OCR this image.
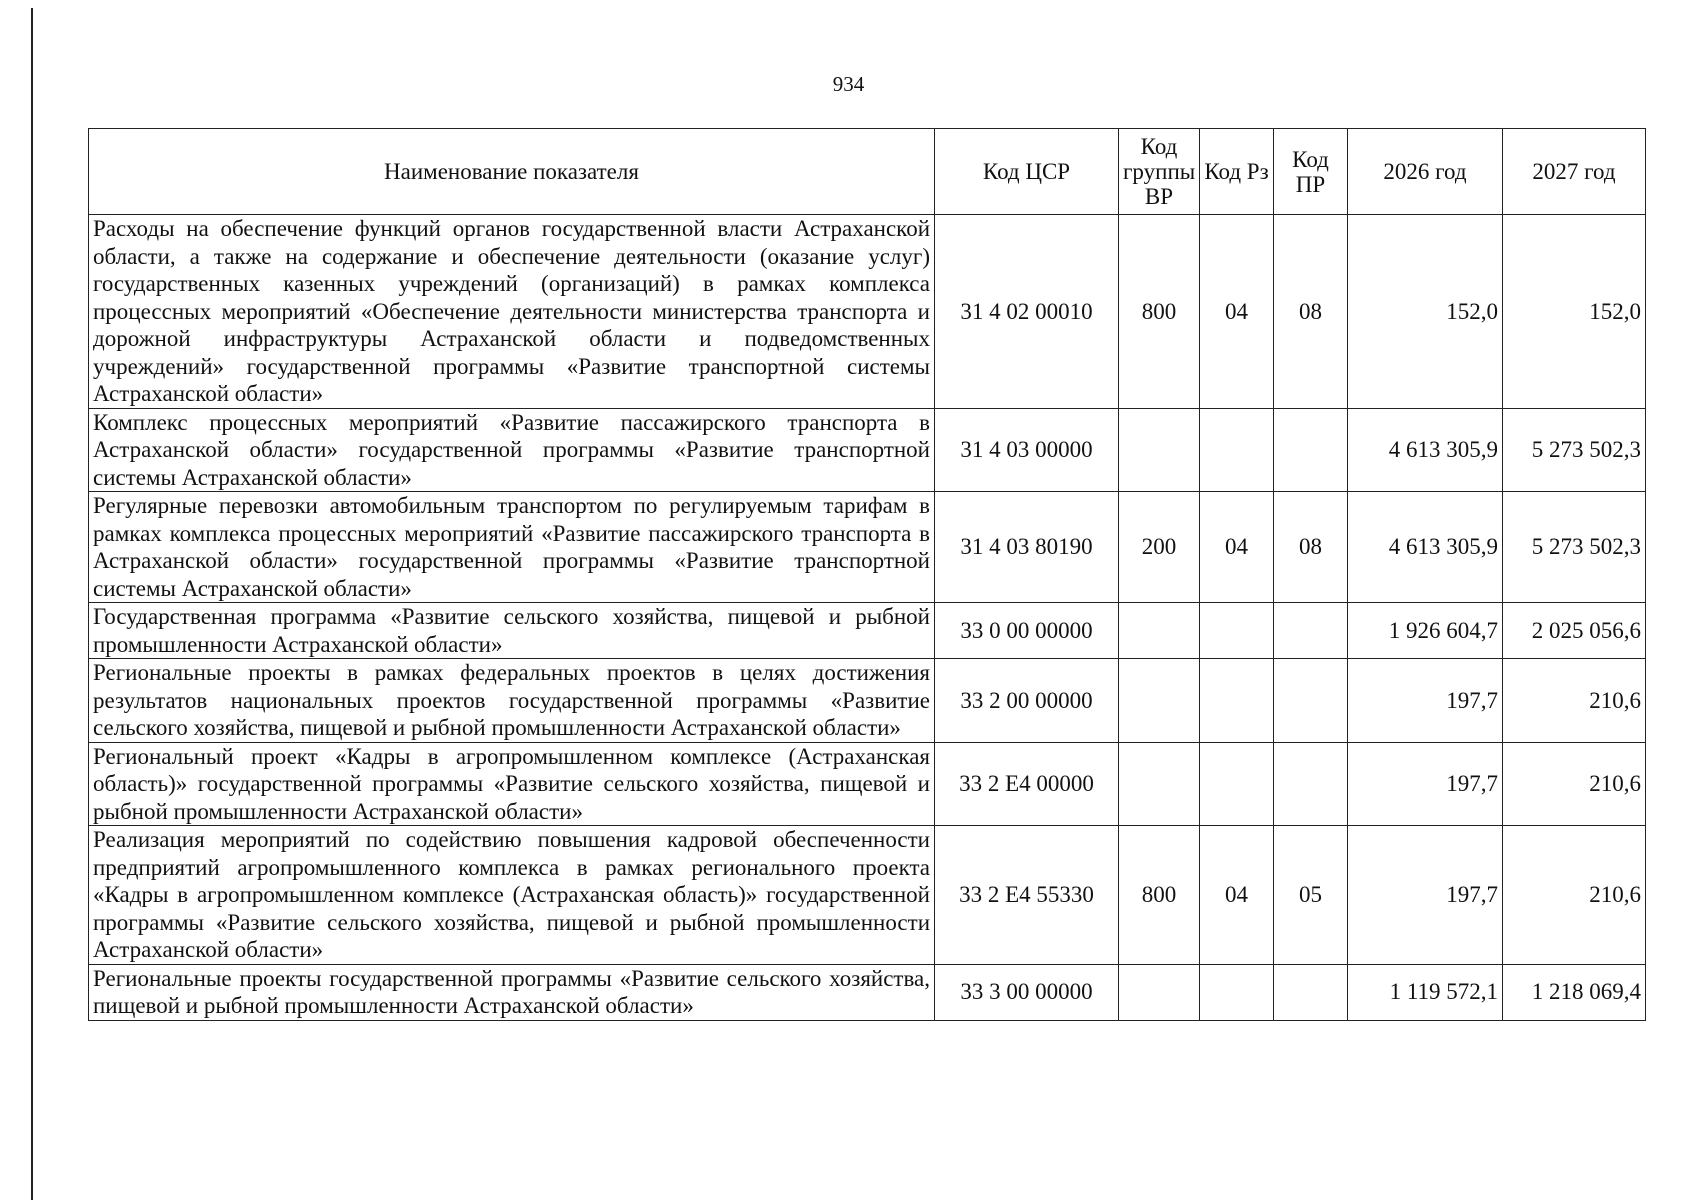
934
Наименование показателя	Код ЦСР	Код группы ВР	Код Рз	Код ПР	2026 год	2027 год
Расходы на обеспечение функций органов государственной власти Астраханской области, а также на содержание и обеспечение деятельности (оказание услуг) государственных казенных учреждений (организаций) в рамках комплекса процессных мероприятий «Обеспечение деятельности министерства транспорта и дорожной инфраструктуры Астраханской области и подведомственных учреждений» государственной программы «Развитие транспортной системы Астраханской области»	31 4 02 00010	800	04	08	152,0	152,0
Комплекс процессных мероприятий «Развитие пассажирского транспорта в Астраханской области» государственной программы «Развитие транспортной системы Астраханской области»	31 4 03 00000				4 613 305,9	5 273 502,3
Регулярные перевозки автомобильным транспортом по регулируемым тарифам в рамках комплекса процессных мероприятий «Развитие пассажирского транспорта в Астраханской области» государственной программы «Развитие транспортной системы Астраханской области»	31 4 03 80190	200	04	08	4 613 305,9	5 273 502,3
Государственная программа «Развитие сельского хозяйства, пищевой и рыбной промышленности Астраханской области»	33 0 00 00000				1 926 604,7	2 025 056,6
Региональные проекты в рамках федеральных проектов в целях достижения результатов национальных проектов государственной программы «Развитие сельского хозяйства, пищевой и рыбной промышленности Астраханской области»	33 2 00 00000				197,7	210,6
Региональный проект «Кадры в агропромышленном комплексе (Астраханская область)» государственной программы «Развитие сельского хозяйства, пищевой и рыбной промышленности Астраханской области»	33 2 Е4 00000				197,7	210,6
Реализация мероприятий по содействию повышения кадровой обеспеченности предприятий агропромышленного комплекса в рамках регионального проекта «Кадры в агропромышленном комплексе (Астраханская область)» государственной программы «Развитие сельского хозяйства, пищевой и рыбной промышленности Астраханской области»	33 2 Е4 55330	800	04	05	197,7	210,6
Региональные проекты государственной программы «Развитие сельского хозяйства, пищевой и рыбной промышленности Астраханской области»	33 3 00 00000				1 119 572,1	1 218 069,4
